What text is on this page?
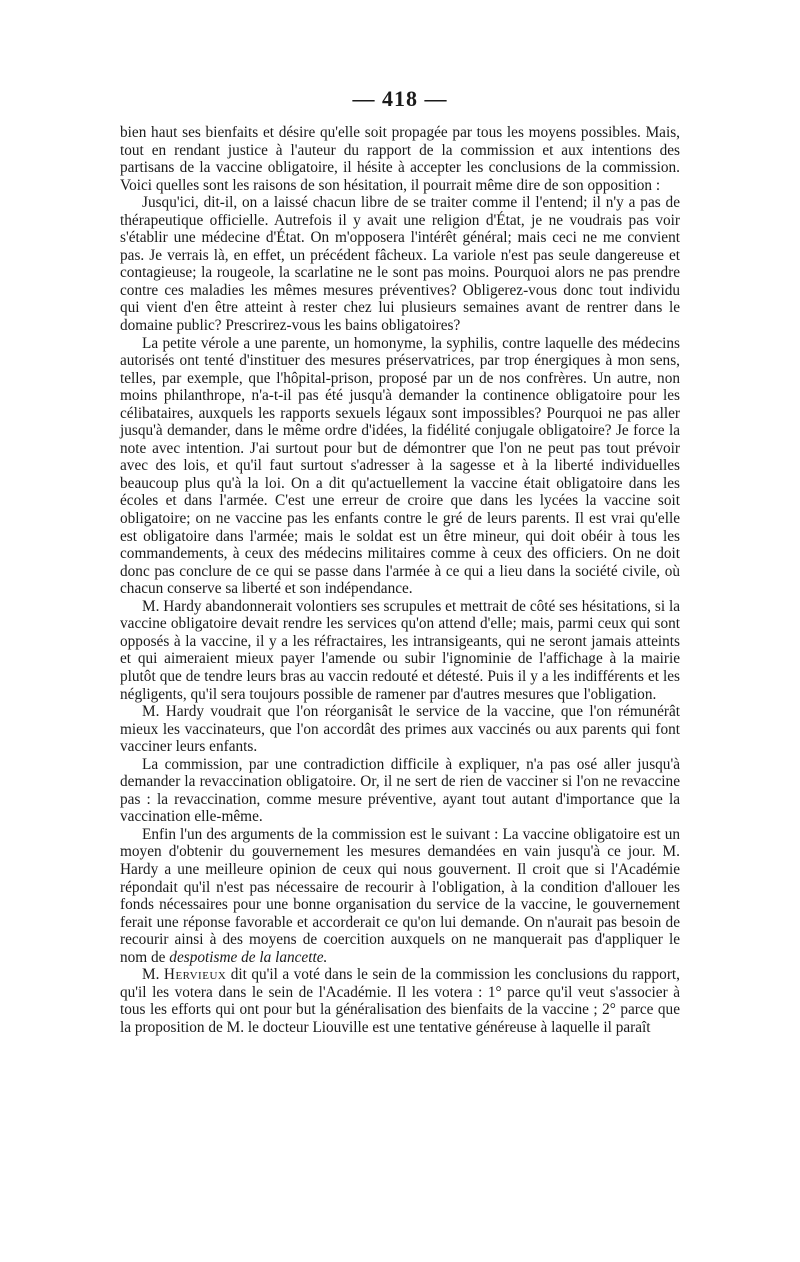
— 418 —

bien haut ses bienfaits et désire qu'elle soit propagée par tous les moyens possibles. Mais, tout en rendant justice à l'auteur du rapport de la commission et aux intentions des partisans de la vaccine obligatoire, il hésite à accepter les conclusions de la commission. Voici quelles sont les raisons de son hésitation, il pourrait même dire de son opposition :

Jusqu'ici, dit-il, on a laissé chacun libre de se traiter comme il l'entend; il n'y a pas de thérapeutique officielle. Autrefois il y avait une religion d'État, je ne voudrais pas voir s'établir une médecine d'État. On m'opposera l'intérêt général; mais ceci ne me convient pas. Je verrais là, en effet, un précédent fâcheux. La variole n'est pas seule dangereuse et contagieuse; la rougeole, la scarlatine ne le sont pas moins. Pourquoi alors ne pas prendre contre ces maladies les mêmes mesures préventives? Obligerez-vous donc tout individu qui vient d'en être atteint à rester chez lui plusieurs semaines avant de rentrer dans le domaine public? Prescrirez-vous les bains obligatoires?

La petite vérole a une parente, un homonyme, la syphilis, contre laquelle des médecins autorisés ont tenté d'instituer des mesures préservatrices, par trop énergiques à mon sens, telles, par exemple, que l'hôpital-prison, proposé par un de nos confrères. Un autre, non moins philanthrope, n'a-t-il pas été jusqu'à demander la continence obligatoire pour les célibataires, auxquels les rapports sexuels légaux sont impossibles? Pourquoi ne pas aller jusqu'à demander, dans le même ordre d'idées, la fidélité conjugale obligatoire? Je force la note avec intention. J'ai surtout pour but de démontrer que l'on ne peut pas tout prévoir avec des lois, et qu'il faut surtout s'adresser à la sagesse et à la liberté individuelles beaucoup plus qu'à la loi. On a dit qu'actuellement la vaccine était obligatoire dans les écoles et dans l'armée. C'est une erreur de croire que dans les lycées la vaccine soit obligatoire; on ne vaccine pas les enfants contre le gré de leurs parents. Il est vrai qu'elle est obligatoire dans l'armée; mais le soldat est un être mineur, qui doit obéir à tous les commandements, à ceux des médecins militaires comme à ceux des officiers. On ne doit donc pas conclure de ce qui se passe dans l'armée à ce qui a lieu dans la société civile, où chacun conserve sa liberté et son indépendance.

M. Hardy abandonnerait volontiers ses scrupules et mettrait de côté ses hésitations, si la vaccine obligatoire devait rendre les services qu'on attend d'elle; mais, parmi ceux qui sont opposés à la vaccine, il y a les réfractaires, les intransigeants, qui ne seront jamais atteints et qui aimeraient mieux payer l'amende ou subir l'ignominie de l'affichage à la mairie plutôt que de tendre leurs bras au vaccin redouté et détesté. Puis il y a les indifférents et les négligents, qu'il sera toujours possible de ramener par d'autres mesures que l'obligation.

M. Hardy voudrait que l'on réorganisât le service de la vaccine, que l'on rémunérât mieux les vaccinateurs, que l'on accordât des primes aux vaccinés ou aux parents qui font vacciner leurs enfants.

La commission, par une contradiction difficile à expliquer, n'a pas osé aller jusqu'à demander la revaccination obligatoire. Or, il ne sert de rien de vacciner si l'on ne revaccine pas : la revaccination, comme mesure préventive, ayant tout autant d'importance que la vaccination elle-même.

Enfin l'un des arguments de la commission est le suivant : La vaccine obligatoire est un moyen d'obtenir du gouvernement les mesures demandées en vain jusqu'à ce jour. M. Hardy a une meilleure opinion de ceux qui nous gouvernent. Il croit que si l'Académie répondait qu'il n'est pas nécessaire de recourir à l'obligation, à la condition d'allouer les fonds nécessaires pour une bonne organisation du service de la vaccine, le gouvernement ferait une réponse favorable et accorderait ce qu'on lui demande. On n'aurait pas besoin de recourir ainsi à des moyens de coercition auxquels on ne manquerait pas d'appliquer le nom de despotisme de la lancette.

M. Hervieux dit qu'il a voté dans le sein de la commission les conclusions du rapport, qu'il les votera dans le sein de l'Académie. Il les votera : 1° parce qu'il veut s'associer à tous les efforts qui ont pour but la généralisation des bienfaits de la vaccine ; 2° parce que la proposition de M. le docteur Liouville est une tentative généreuse à laquelle il paraît
